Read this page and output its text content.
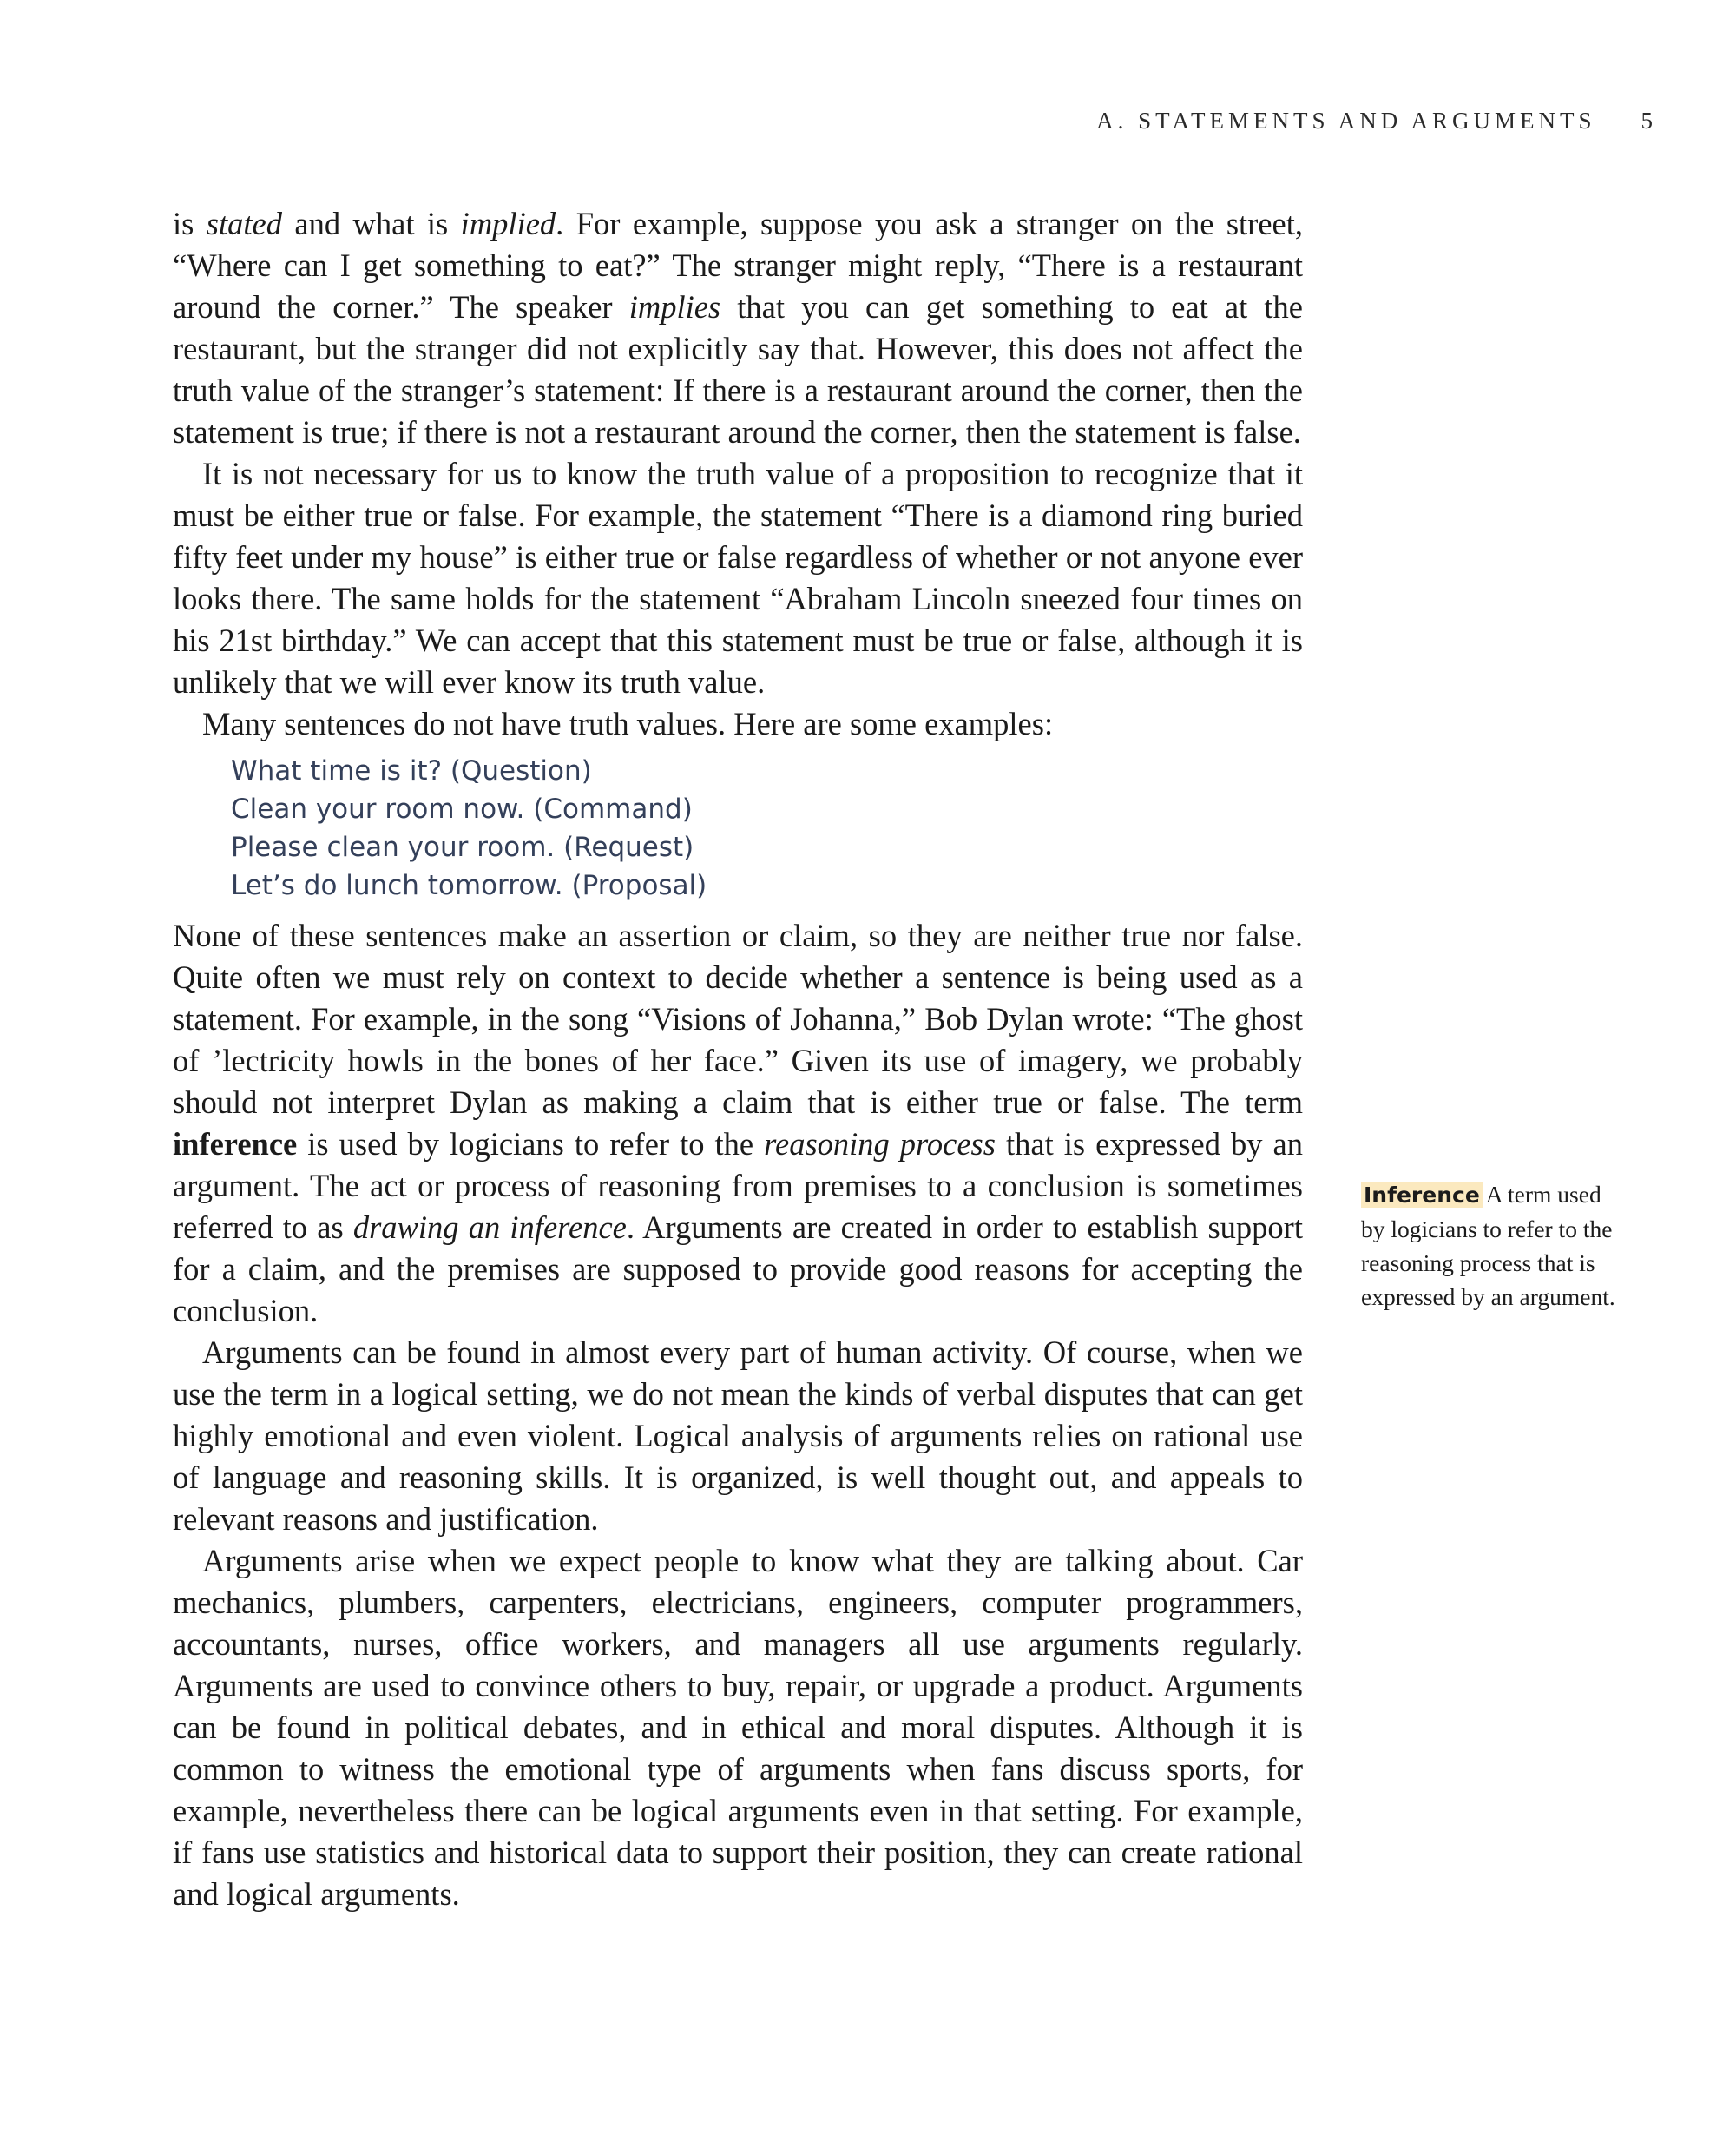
A. STATEMENTS AND ARGUMENTS 5

is stated and what is implied. For example, suppose you ask a stranger on the street, “Where can I get something to eat?” The stranger might reply, “There is a restaurant around the corner.” The speaker implies that you can get something to eat at the restaurant, but the stranger did not explicitly say that. However, this does not affect the truth value of the stranger’s statement: If there is a restaurant around the corner, then the statement is true; if there is not a restaurant around the corner, then the statement is false.

It is not necessary for us to know the truth value of a proposition to recognize that it must be either true or false. For example, the statement “There is a diamond ring buried fifty feet under my house” is either true or false regardless of whether or not anyone ever looks there. The same holds for the statement “Abraham Lincoln sneezed four times on his 21st birthday.” We can accept that this statement must be true or false, although it is unlikely that we will ever know its truth value.

Many sentences do not have truth values. Here are some examples:

What time is it? (Question)
Clean your room now. (Command)
Please clean your room. (Request)
Let’s do lunch tomorrow. (Proposal)

None of these sentences make an assertion or claim, so they are neither true nor false. Quite often we must rely on context to decide whether a sentence is being used as a statement. For example, in the song “Visions of Johanna,” Bob Dylan wrote: “The ghost of ’lectricity howls in the bones of her face.” Given its use of imagery, we probably should not interpret Dylan as making a claim that is either true or false. The term inference is used by logicians to refer to the reasoning process that is expressed by an argument. The act or process of reasoning from premises to a conclusion is sometimes referred to as drawing an inference. Arguments are created in order to establish support for a claim, and the premises are supposed to provide good reasons for accepting the conclusion.

Arguments can be found in almost every part of human activity. Of course, when we use the term in a logical setting, we do not mean the kinds of verbal disputes that can get highly emotional and even violent. Logical analysis of arguments relies on rational use of language and reasoning skills. It is organized, is well thought out, and appeals to relevant reasons and justification.

Arguments arise when we expect people to know what they are talking about. Car mechanics, plumbers, carpenters, electricians, engineers, computer programmers, accountants, nurses, office workers, and managers all use arguments regularly. Arguments are used to convince others to buy, repair, or upgrade a product. Arguments can be found in political debates, and in ethical and moral disputes. Although it is common to witness the emotional type of arguments when fans discuss sports, for example, nevertheless there can be logical arguments even in that setting. For example, if fans use statistics and historical data to support their position, they can create rational and logical arguments.

Inference A term used by logicians to refer to the reasoning process that is expressed by an argument.
